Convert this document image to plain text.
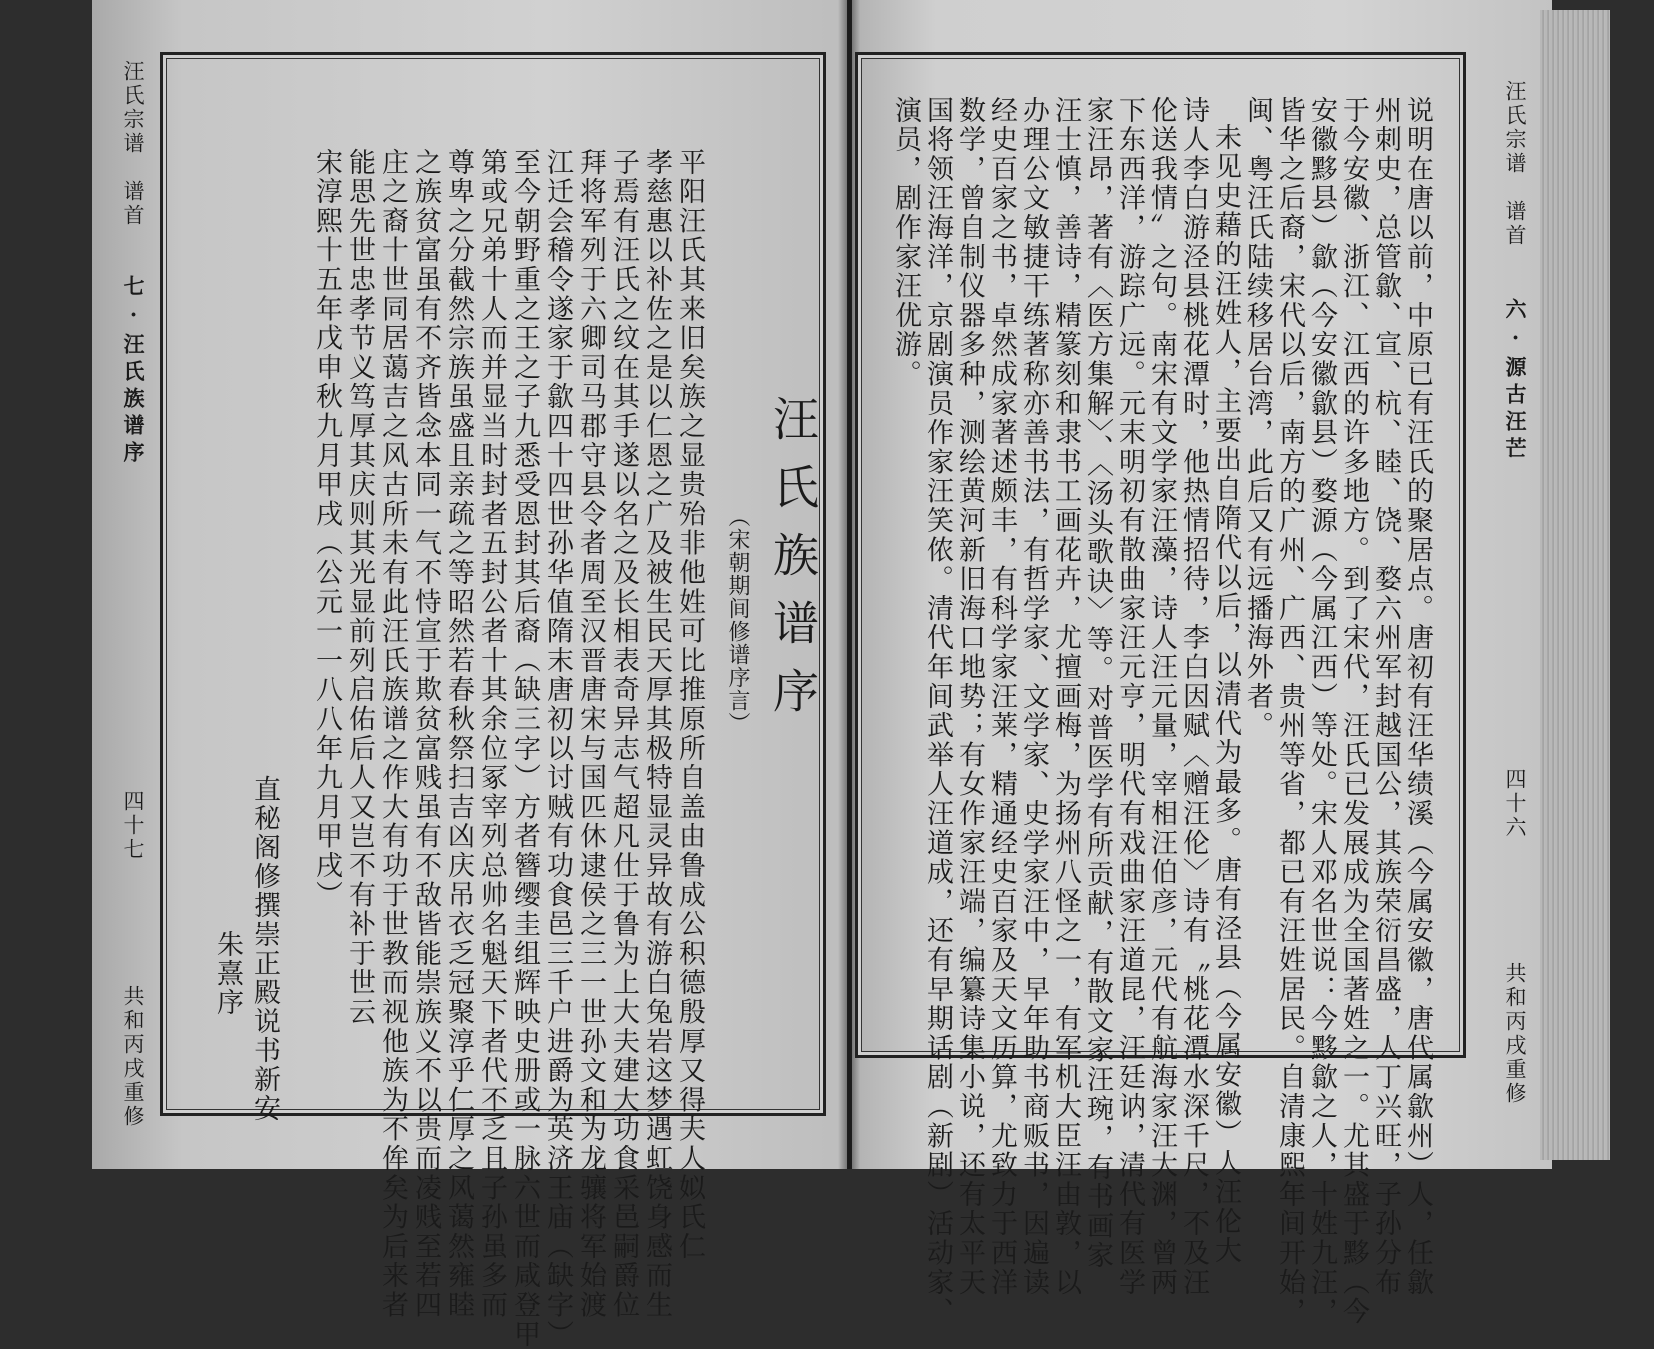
汪氏宗谱　谱首
七·汪氏族谱序
四十七
共和丙戌重修
汪氏族谱序
（宋朝期间修谱序言）
平阳汪氏其来旧矣族之显贵殆非他姓可比推原所自盖由鲁成公积德殷厚又得夫人姒氏仁
孝慈惠以补佐之是以仁恩之广及被生民天厚其极特显灵异故有游白兔岩这梦遇虹饶身感而生
子焉有汪氏之纹在其手遂以名之及长相表奇异志气超凡仕于鲁为上大夫建大功食采邑嗣爵位
拜将军列于六卿司马郡守县令者周至汉晋唐宋与国匹休逮侯之三一世孙文和为龙骧将军始渡
江迁会稽令遂家于歙四十四世孙华值隋末唐初以讨贼有功食邑三千户进爵为英济王庙（缺字）
至今朝野重之王之子九悉受恩封其后裔（缺三字）方者簪缨圭组辉映史册或一脉六世而咸登甲
第或兄弟十人而并显当时封者五封公者十其余位冢宰列总帅名魁天下者代不乏且子孙虽多而
尊卑之分截然宗族虽盛且亲疏之等昭然若春秋祭扫吉凶庆吊衣乏冠聚淳乎仁厚之风蔼然雍睦
之族贫富虽有不齐皆念本同一气不恃宣于欺贫富贱虽有不敌皆能崇族义不以贵而凌贱至若四
庄之裔十世同居蔼吉之风古所未有此汪氏族谱之作大有功于世教而视他族为不侔矣为后来者
能思先世忠孝节义笃厚其庆则其光显前列启佑后人又岂不有补于世云
宋淳熙十五年戊申秋九月甲戌（公元一一八八年九月甲戌）
直秘阁修撰崇正殿说书新安
朱熹序
汪氏宗谱　谱首
六·源古汪芒
四十六
共和丙戌重修
说明在唐以前，中原已有汪氏的聚居点。唐初有汪华绩溪（今属安徽，唐代属歙州）人，任歙
州刺史，总管歙、宣、杭、睦、饶、婺六州军封越国公，其族荣衍昌盛，人丁兴旺，子孙分布
于今安徽、浙江、江西的许多地方。到了宋代，汪氏已发展成为全国著姓之一。尤其盛于黟（今
安徽黟县）歙（今安徽歙县）婺源（今属江西）等处。宋人邓名世说：今黟歙之人，十姓九汪，
皆华之后裔，宋代以后，南方的广州、广西、贵州等省，都已有汪姓居民。自清康熙年间开始，
闽、粤汪氏陆续移居台湾，此后又有远播海外者。
未见史藉的汪姓人，主要出自隋代以后，以清代为最多。唐有泾县（今属安徽）人汪伦大
诗人李白游泾县桃花潭时，他热情招待，李白因赋〈赠汪伦〉诗有〝桃花潭水深千尺，不及汪
伦送我情〞之句。南宋有文学家汪藻，诗人汪元量，宰相汪伯彦，元代有航海家汪大渊，曾两
下东西洋，游踪广远。元末明初有散曲家汪元亨，明代有戏曲家汪道昆，汪廷讷，清代有医学
家汪昂，著有〈医方集解〉、〈汤头歌诀〉等。对普医学有所贡献，有散文家汪琬，有书画家
汪士慎，善诗，精篆刻和隶书工画花卉，尤擅画梅，为扬州八怪之一，有军机大臣汪由敦，以
办理公文敏捷干练著称亦善书法，有哲学家、文学家、史学家汪中，早年助书商贩书，因遍读
经史百家之书，卓然成家著述颇丰，有科学家汪莱，精通经史百家及天文历算，尤致力于西洋
数学，曾自制仪器多种，测绘黄河新旧海口地势；有女作家汪端，编纂诗集小说，还有太平天
国将领汪海洋，京剧演员作家汪笑侬。清代年间武举人汪道成，还有早期话剧（新剧）活动家、
演员，剧作家汪优游。
